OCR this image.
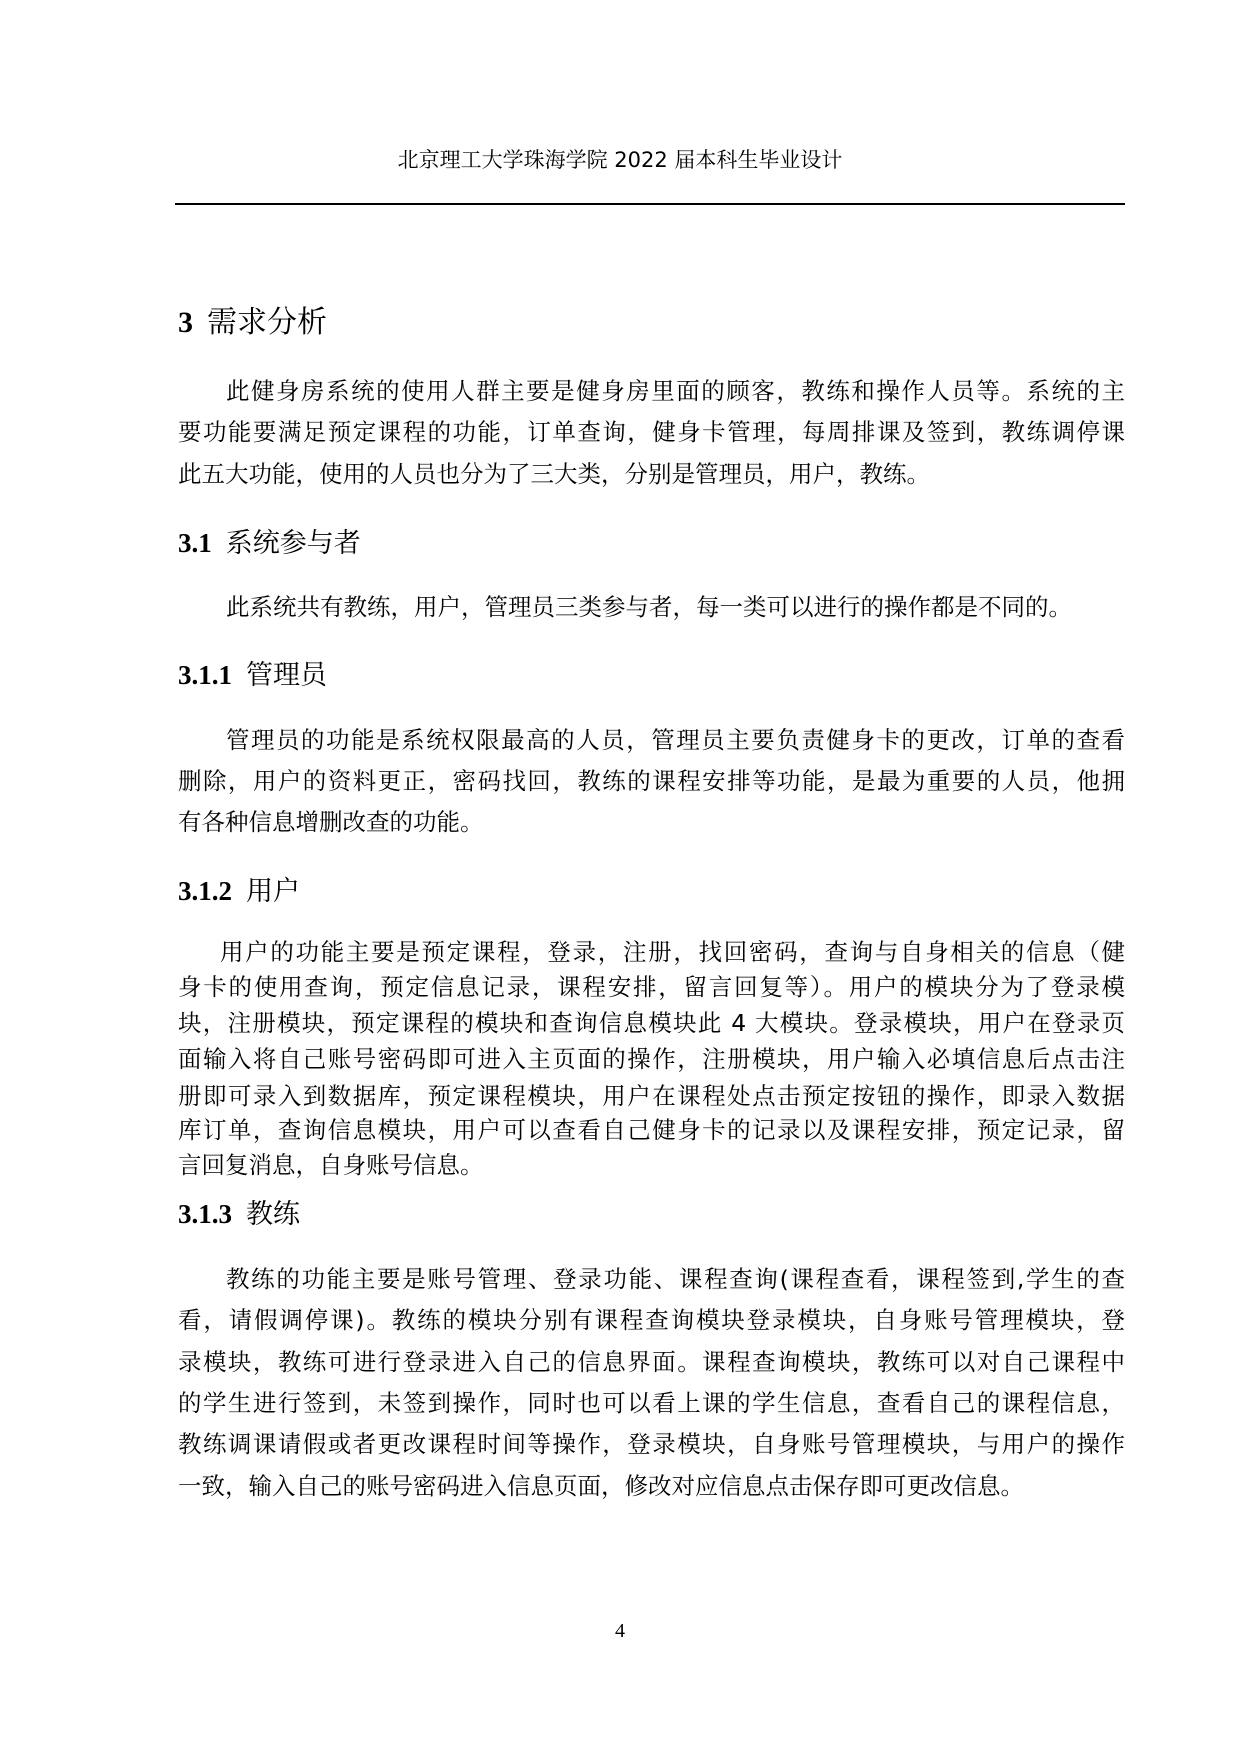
北京理工大学珠海学院 2022 届本科生毕业设计
3 需求分析
此健身房系统的使用人群主要是健身房里面的顾客，教练和操作人员等。系统的主
要功能要满足预定课程的功能，订单查询，健身卡管理，每周排课及签到，教练调停课
此五大功能，使用的人员也分为了三大类，分别是管理员，用户，教练。
3.1 系统参与者
此系统共有教练，用户，管理员三类参与者，每一类可以进行的操作都是不同的。
3.1.1 管理员
管理员的功能是系统权限最高的人员，管理员主要负责健身卡的更改，订单的查看
删除，用户的资料更正，密码找回，教练的课程安排等功能，是最为重要的人员，他拥
有各种信息增删改查的功能。
3.1.2 用户
用户的功能主要是预定课程，登录，注册，找回密码，查询与自身相关的信息（健
身卡的使用查询，预定信息记录，课程安排，留言回复等）。用户的模块分为了登录模
块，注册模块，预定课程的模块和查询信息模块此 4 大模块。登录模块，用户在登录页
面输入将自己账号密码即可进入主页面的操作，注册模块，用户输入必填信息后点击注
册即可录入到数据库，预定课程模块，用户在课程处点击预定按钮的操作，即录入数据
库订单，查询信息模块，用户可以查看自己健身卡的记录以及课程安排，预定记录，留
言回复消息，自身账号信息。
3.1.3 教练
教练的功能主要是账号管理、登录功能、课程查询(课程查看，课程签到,学生的查
看，请假调停课)。教练的模块分别有课程查询模块登录模块，自身账号管理模块，登
录模块，教练可进行登录进入自己的信息界面。课程查询模块，教练可以对自己课程中
的学生进行签到，未签到操作，同时也可以看上课的学生信息，查看自己的课程信息，
教练调课请假或者更改课程时间等操作，登录模块，自身账号管理模块，与用户的操作
一致，输入自己的账号密码进入信息页面，修改对应信息点击保存即可更改信息。
4
